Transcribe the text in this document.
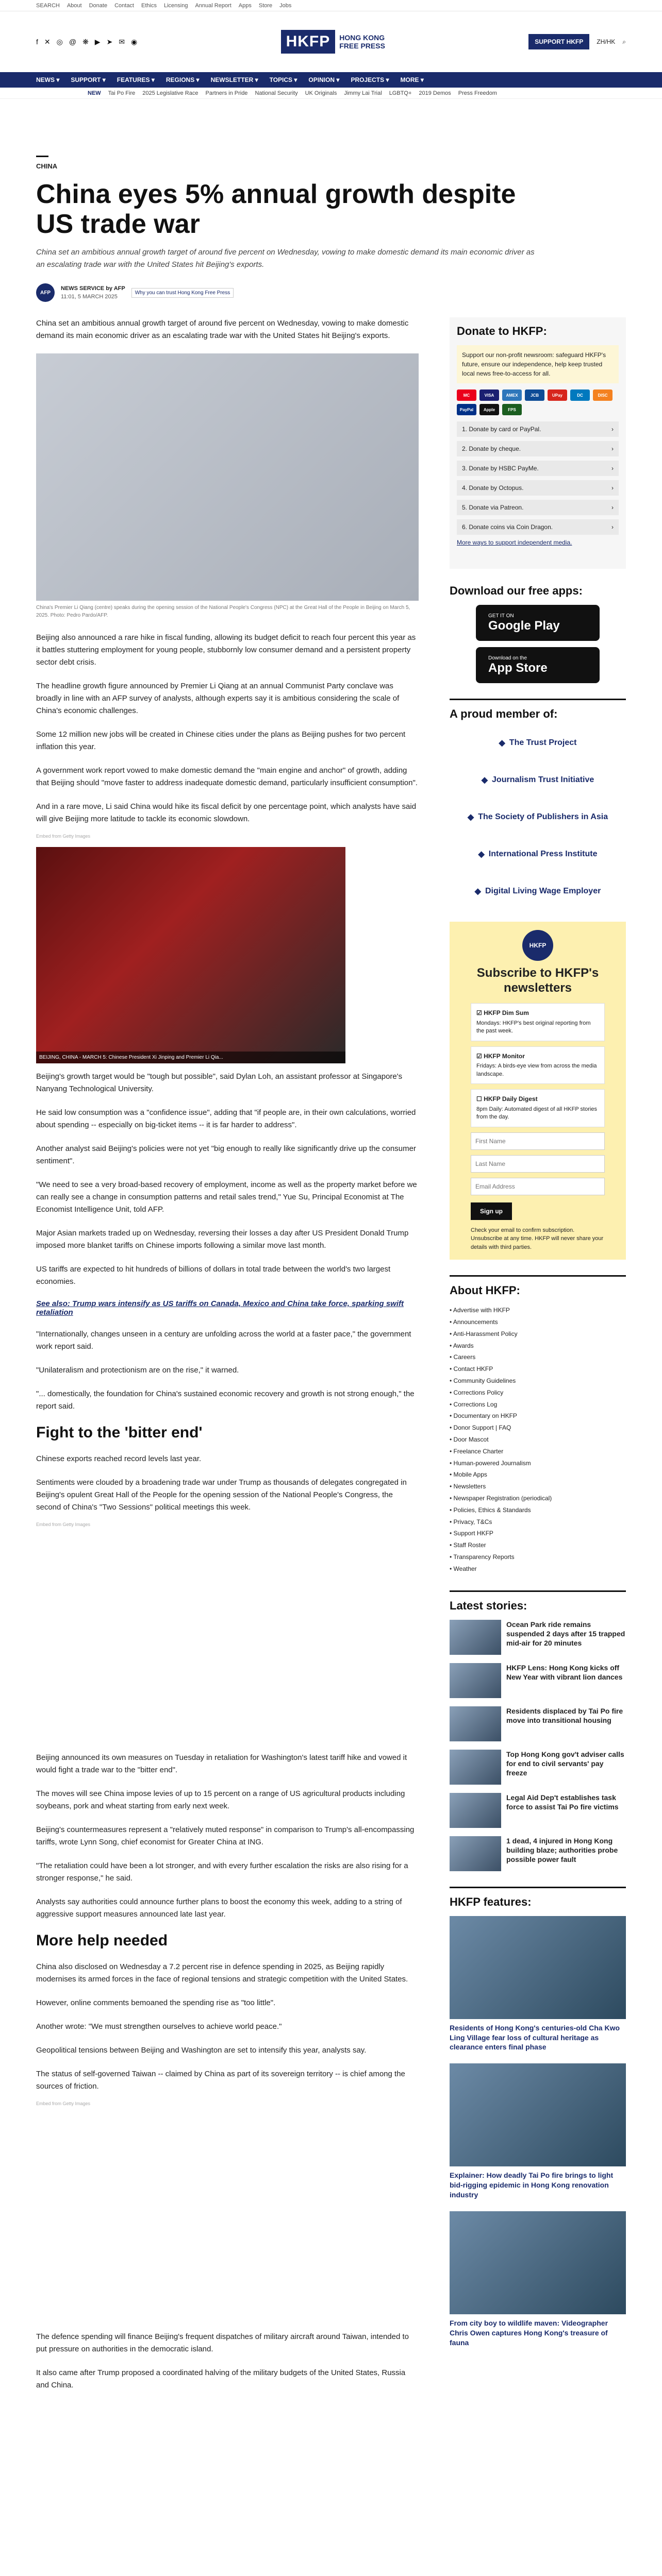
SEARCH About Donate Contact Ethics Licensing Annual Report Apps Store Jobs
f ✕ ◎ @ ❋ ▶ ➤ ✉ ◉	HKFP	HONG KONG
FREE PRESS	SUPPORT HKFP	ZH/HK ⌕
NEWS ▾ SUPPORT ▾ FEATURES ▾ REGIONS ▾ NEWSLETTER ▾ TOPICS ▾ OPINION ▾ PROJECTS ▾ MORE ▾
NEW Tai Po Fire 2025 Legislative Race Partners in Pride National Security UK Originals Jimmy Lai Trial LGBTQ+ 2019 Demos Press Freedom
CHINA
China eyes 5% annual growth despite US trade war

China set an ambitious annual growth target of around five percent on Wednesday, vowing to make domestic demand its main economic driver as an escalating trade war with the United States hit Beijing's exports.

AFP
NEWS SERVICE by AFP
11:01, 5 MARCH 2025
Why you can trust Hong Kong Free Press

China set an ambitious annual growth target of around five percent on Wednesday, vowing to make domestic demand its main economic driver as an escalating trade war with the United States hit Beijing's exports.

China's Premier Li Qiang (centre) speaks during the opening session of the National People's Congress (NPC) at the Great Hall of the People in Beijing on March 5, 2025. Photo: Pedro Pardo/AFP.

Beijing also announced a rare hike in fiscal funding, allowing its budget deficit to reach four percent this year as it battles stuttering employment for young people, stubbornly low consumer demand and a persistent property sector debt crisis.

The headline growth figure announced by Premier Li Qiang at an annual Communist Party conclave was broadly in line with an AFP survey of analysts, although experts say it is ambitious considering the scale of China's economic challenges.

Some 12 million new jobs will be created in Chinese cities under the plans as Beijing pushes for two percent inflation this year.

A government work report vowed to make domestic demand the "main engine and anchor" of growth, adding that Beijing should "move faster to address inadequate domestic demand, particularly insufficient consumption".

And in a rare move, Li said China would hike its fiscal deficit by one percentage point, which analysts have said will give Beijing more latitude to tackle its economic slowdown.

Embed from Getty Images
BEIJING, CHINA - MARCH 5: Chinese President Xi Jinping and Premier Li Qia...

Beijing's growth target would be "tough but possible", said Dylan Loh, an assistant professor at Singapore's Nanyang Technological University.

He said low consumption was a "confidence issue", adding that "if people are, in their own calculations, worried about spending -- especially on big-ticket items -- it is far harder to address".

Another analyst said Beijing's policies were not yet "big enough to really like significantly drive up the consumer sentiment".

"We need to see a very broad-based recovery of employment, income as well as the property market before we can really see a change in consumption patterns and retail sales trend," Yue Su, Principal Economist at The Economist Intelligence Unit, told AFP.

Major Asian markets traded up on Wednesday, reversing their losses a day after US President Donald Trump imposed more blanket tariffs on Chinese imports following a similar move last month.

US tariffs are expected to hit hundreds of billions of dollars in total trade between the world's two largest economies.

See also: Trump wars intensify as US tariffs on Canada, Mexico and China take force, sparking swift retaliation

"Internationally, changes unseen in a century are unfolding across the world at a faster pace," the government work report said.

"Unilateralism and protectionism are on the rise," it warned.

"... domestically, the foundation for China's sustained economic recovery and growth is not strong enough," the report said.

Fight to the 'bitter end'

Chinese exports reached record levels last year.

Sentiments were clouded by a broadening trade war under Trump as thousands of delegates congregated in Beijing's opulent Great Hall of the People for the opening session of the National People's Congress, the second of China's "Two Sessions" political meetings this week.

Embed from Getty Images

Beijing announced its own measures on Tuesday in retaliation for Washington's latest tariff hike and vowed it would fight a trade war to the "bitter end".

The moves will see China impose levies of up to 15 percent on a range of US agricultural products including soybeans, pork and wheat starting from early next week.

Beijing's countermeasures represent a "relatively muted response" in comparison to Trump's all-encompassing tariffs, wrote Lynn Song, chief economist for Greater China at ING.

"The retaliation could have been a lot stronger, and with every further escalation the risks are also rising for a stronger response," he said.

Analysts say authorities could announce further plans to boost the economy this week, adding to a string of aggressive support measures announced late last year.

More help needed

China also disclosed on Wednesday a 7.2 percent rise in defence spending in 2025, as Beijing rapidly modernises its armed forces in the face of regional tensions and strategic competition with the United States.

However, online comments bemoaned the spending rise as "too little".

Another wrote: "We must strengthen ourselves to achieve world peace."

Geopolitical tensions between Beijing and Washington are set to intensify this year, analysts say.

The status of self-governed Taiwan -- claimed by China as part of its sovereign territory -- is chief among the sources of friction.

Embed from Getty Images

The defence spending will finance Beijing's frequent dispatches of military aircraft around Taiwan, intended to put pressure on authorities in the democratic island.

It also came after Trump proposed a coordinated halving of the military budgets of the United States, Russia and China.

Donate to HKFP:
Support our non-profit newsroom: safeguard HKFP's future, ensure our independence, help keep trusted local news free-to-access for all.
MC	VISA	AMEX	JCB	UPay	DC	DISC
PayPal	Apple	FPS
1. Donate by card or PayPal.	›
2. Donate by cheque.	›
3. Donate by HSBC PayMe.	›
4. Donate by Octopus.	›
5. Donate via Patreon.	›
6. Donate coins via Coin Dragon.	›
More ways to support independent media.
Download our free apps:
GET IT ON
Google Play
Download on the
App Store
A proud member of:
◆ The Trust Project
◆ Journalism Trust Initiative
◆ The Society of Publishers in Asia
◆ International Press Institute
◆ Digital Living Wage Employer
HKFP
Subscribe to HKFP's newsletters
☑ HKFP Dim Sum
Mondays: HKFP's best original reporting from the past week.
☑ HKFP Monitor
Fridays: A birds-eye view from across the media landscape.
☐ HKFP Daily Digest
8pm Daily: Automated digest of all HKFP stories from the day.
First Name
Last Name
Email Address
Sign up

Check your email to confirm subscription. Unsubscribe at any time. HKFP will never share your details with third parties.

About HKFP:
• Advertise with HKFP
• Announcements
• Anti-Harassment Policy
• Awards
• Careers
• Contact HKFP
• Community Guidelines
• Corrections Policy
• Corrections Log
• Documentary on HKFP
• Donor Support | FAQ
• Door Mascot
• Freelance Charter
• Human-powered Journalism
• Mobile Apps
• Newsletters
• Newspaper Registration (periodical)
• Policies, Ethics & Standards
• Privacy, T&Cs
• Support HKFP
• Staff Roster
• Transparency Reports
• Weather
Latest stories:
Ocean Park ride remains suspended 2 days after 15 trapped mid-air for 20 minutes
HKFP Lens: Hong Kong kicks off New Year with vibrant lion dances
Residents displaced by Tai Po fire move into transitional housing
Top Hong Kong gov't adviser calls for end to civil servants' pay freeze
Legal Aid Dep't establishes task force to assist Tai Po fire victims
1 dead, 4 injured in Hong Kong building blaze; authorities probe possible power fault
HKFP features:
Residents of Hong Kong's centuries-old Cha Kwo Ling Village fear loss of cultural heritage as clearance enters final phase
Explainer: How deadly Tai Po fire brings to light bid-rigging epidemic in Hong Kong renovation industry
From city boy to wildlife maven: Videographer Chris Owen captures Hong Kong's treasure of fauna
